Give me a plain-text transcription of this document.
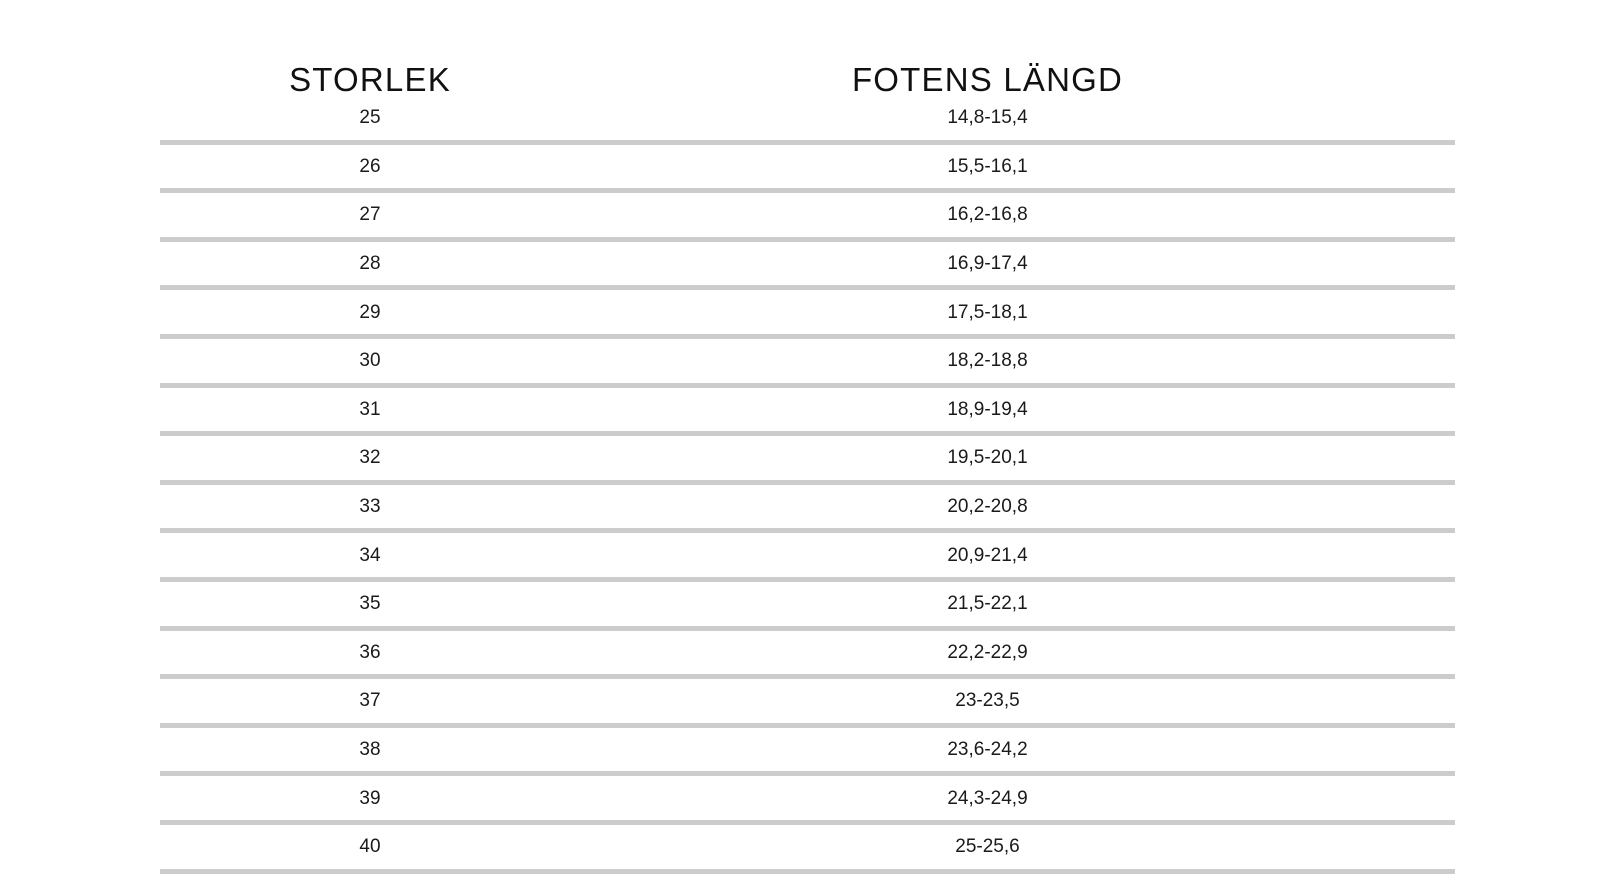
STORLEK	FOTENS LÄNGD
25	14,8-15,4
26	15,5-16,1
27	16,2-16,8
28	16,9-17,4
29	17,5-18,1
30	18,2-18,8
31	18,9-19,4
32	19,5-20,1
33	20,2-20,8
34	20,9-21,4
35	21,5-22,1
36	22,2-22,9
37	23-23,5
38	23,6-24,2
39	24,3-24,9
40	25-25,6
